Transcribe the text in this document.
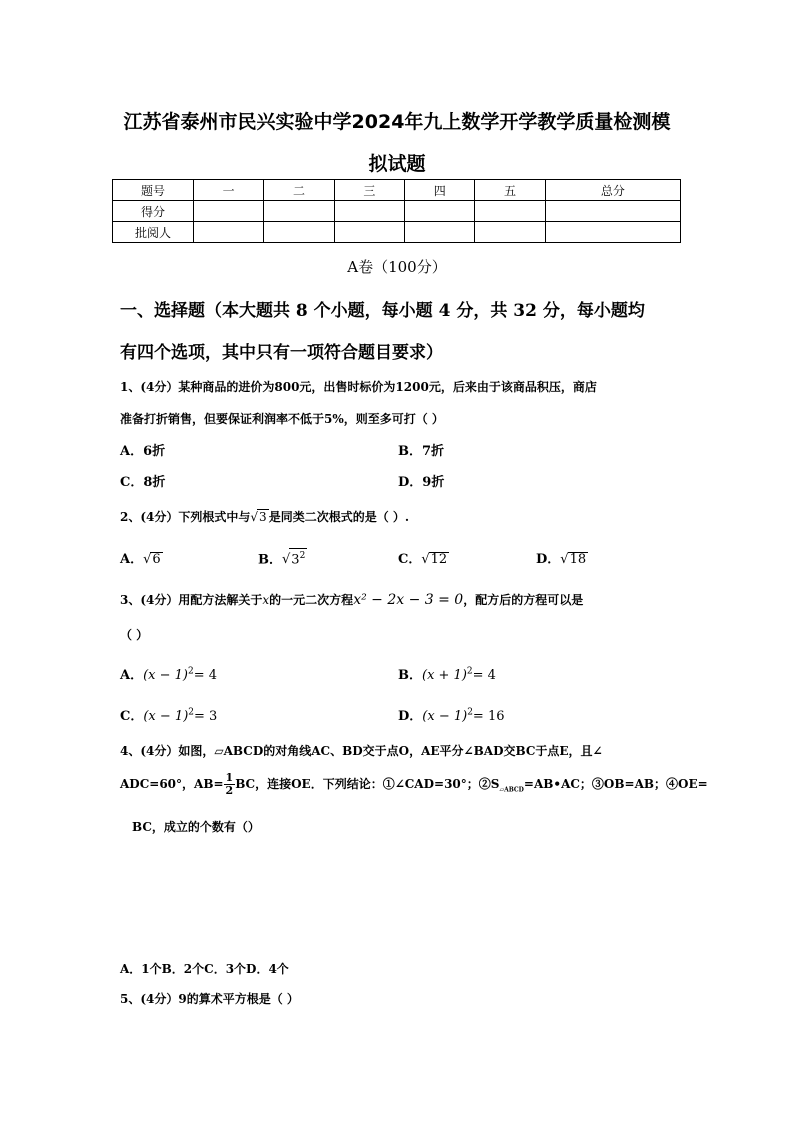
江苏省泰州市民兴实验中学2024年九上数学开学教学质量检测模
拟试题
题号	一	二	三	四	五	总分
得分						
批阅人						
A卷（100分）
一、选择题（本大题共 8 个小题，每小题 4 分，共 32 分，每小题均
有四个选项，其中只有一项符合题目要求）
1、(4分）某种商品的进价为800元，出售时标价为1200元，后来由于该商品积压，商店
准备打折销售，但要保证利润率不低于5%，则至多可打（ ）
A．6折	B．7折
C．8折	D．9折
2、(4分）下列根式中与√3 是同类二次根式的是（ ）.
A．√6	B．$√3^2$	C．√12	D．√18
3、(4分）用配方法解关于x的一元二次方程x² − 2x − 3 = 0，配方后的方程可以是
（ ）
A．$(x - 1)^2= 4$	B．$(x + 1)^2= 4$
C．$(x - 1)^2= 3$	D．$(x - 1)^2= 16$
4、(4分）如图，▱ABCD的对角线AC、BD交于点O，AE平分∠BAD交BC于点E，且∠
ADC=60°，$AB= \frac{1}{2}$ BC，连接OE．下列结论：①∠CAD=30°；$②S_{▱ABCD}=AB•AC$；③OB=AB；④OE=
BC，成立的个数有（）
A．1个B．2个C．3个D．4个
5、(4分）9的算术平方根是（ ）
